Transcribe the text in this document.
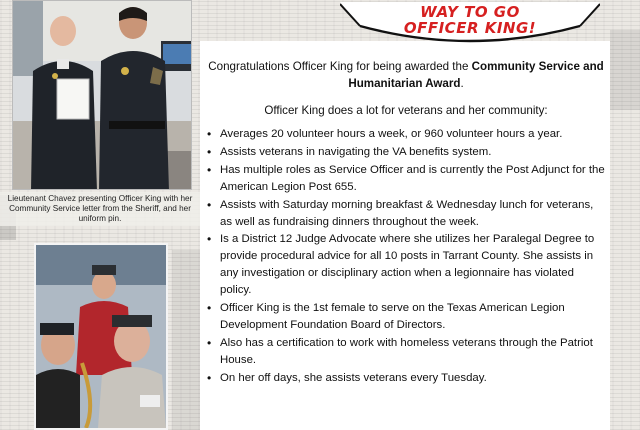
Lieutenant Chavez presenting Officer King with her Community Service letter from the Sheriff, and her uniform pin.
WAY TO GO
OFFICER KING!
Congratulations Officer King for being awarded the Community Service and Humanitarian Award.
Officer King does a lot for veterans and her community:
• Averages 20 volunteer hours a week, or 960 volunteer hours a year.
• Assists veterans in navigating the VA benefits system.
• Has multiple roles as Service Officer and is currently the Post Adjunct for the American Legion Post 655.
• Assists with Saturday morning breakfast & Wednesday lunch for veterans, as well as fundraising dinners throughout the week.
• Is a District 12 Judge Advocate where she utilizes her Paralegal Degree to provide procedural advice for all 10 posts in Tarrant County. She assists in any investigation or disciplinary action when a legionnaire has violated policy.
• Officer King is the 1st female to serve on the Texas American Legion Development Foundation Board of Directors.
• Also has a certification to work with homeless veterans through the Patriot House.
• On her off days, she assists veterans every Tuesday.
